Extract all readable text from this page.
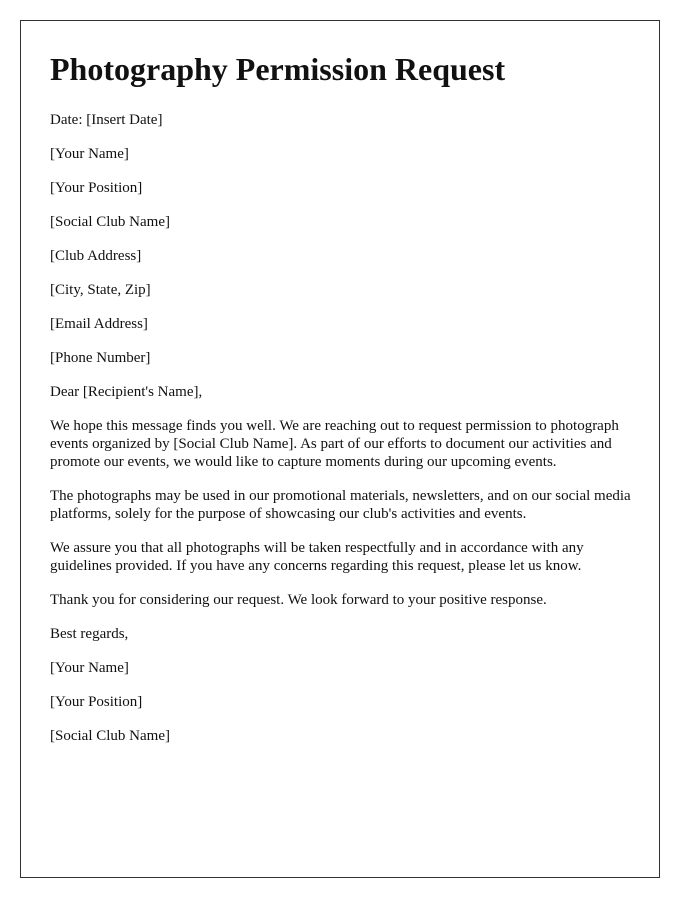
Photography Permission Request

Date: [Insert Date]

[Your Name]

[Your Position]

[Social Club Name]

[Club Address]

[City, State, Zip]

[Email Address]

[Phone Number]

Dear [Recipient's Name],

We hope this message finds you well. We are reaching out to request permission to photograph events organized by [Social Club Name]. As part of our efforts to document our activities and promote our events, we would like to capture moments during our upcoming events.

The photographs may be used in our promotional materials, newsletters, and on our social media platforms, solely for the purpose of showcasing our club's activities and events.

We assure you that all photographs will be taken respectfully and in accordance with any guidelines provided. If you have any concerns regarding this request, please let us know.

Thank you for considering our request. We look forward to your positive response.

Best regards,

[Your Name]

[Your Position]

[Social Club Name]
